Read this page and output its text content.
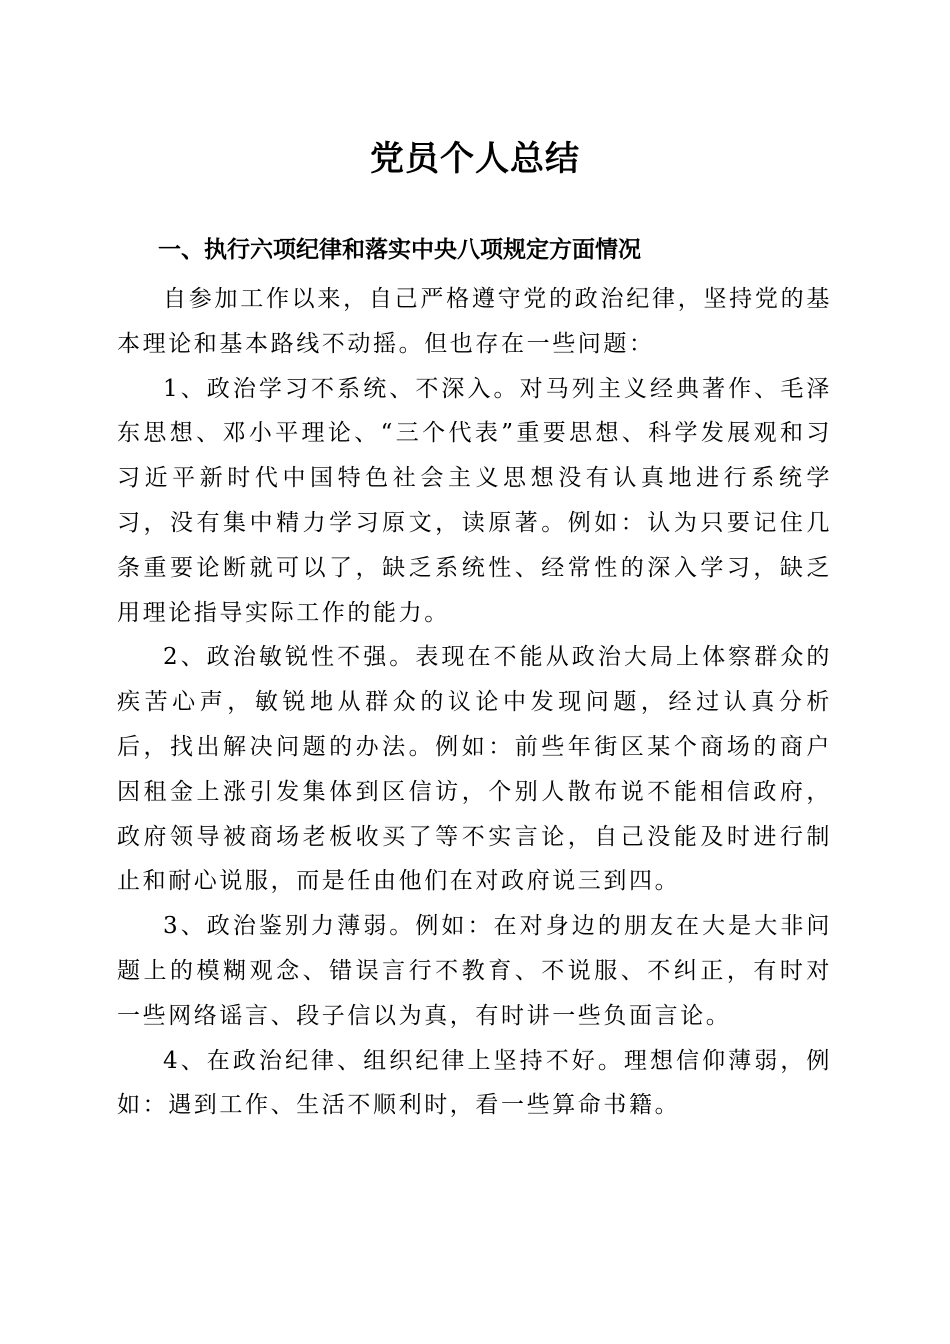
党员个人总结
一、执行六项纪律和落实中央八项规定方面情况

自参加工作以来，自己严格遵守党的政治纪律，坚持党的基本理论和基本路线不动摇。但也存在一些问题：

1、政治学习不系统、不深入。对马列主义经典著作、毛泽东思想、邓小平理论、“三个代表”重要思想、科学发展观和习习近平新时代中国特色社会主义思想没有认真地进行系统学习，没有集中精力学习原文，读原著。例如：认为只要记住几条重要论断就可以了，缺乏系统性、经常性的深入学习，缺乏用理论指导实际工作的能力。

2、政治敏锐性不强。表现在不能从政治大局上体察群众的疾苦心声，敏锐地从群众的议论中发现问题，经过认真分析后，找出解决问题的办法。例如：前些年街区某个商场的商户因租金上涨引发集体到区信访，个别人散布说不能相信政府，政府领导被商场老板收买了等不实言论，自己没能及时进行制止和耐心说服，而是任由他们在对政府说三到四。

3、政治鉴别力薄弱。例如：在对身边的朋友在大是大非问题上的模糊观念、错误言行不教育、不说服、不纠正，有时对一些网络谣言、段子信以为真，有时讲一些负面言论。

4、在政治纪律、组织纪律上坚持不好。理想信仰薄弱，例如：遇到工作、生活不顺利时，看一些算命书籍。
